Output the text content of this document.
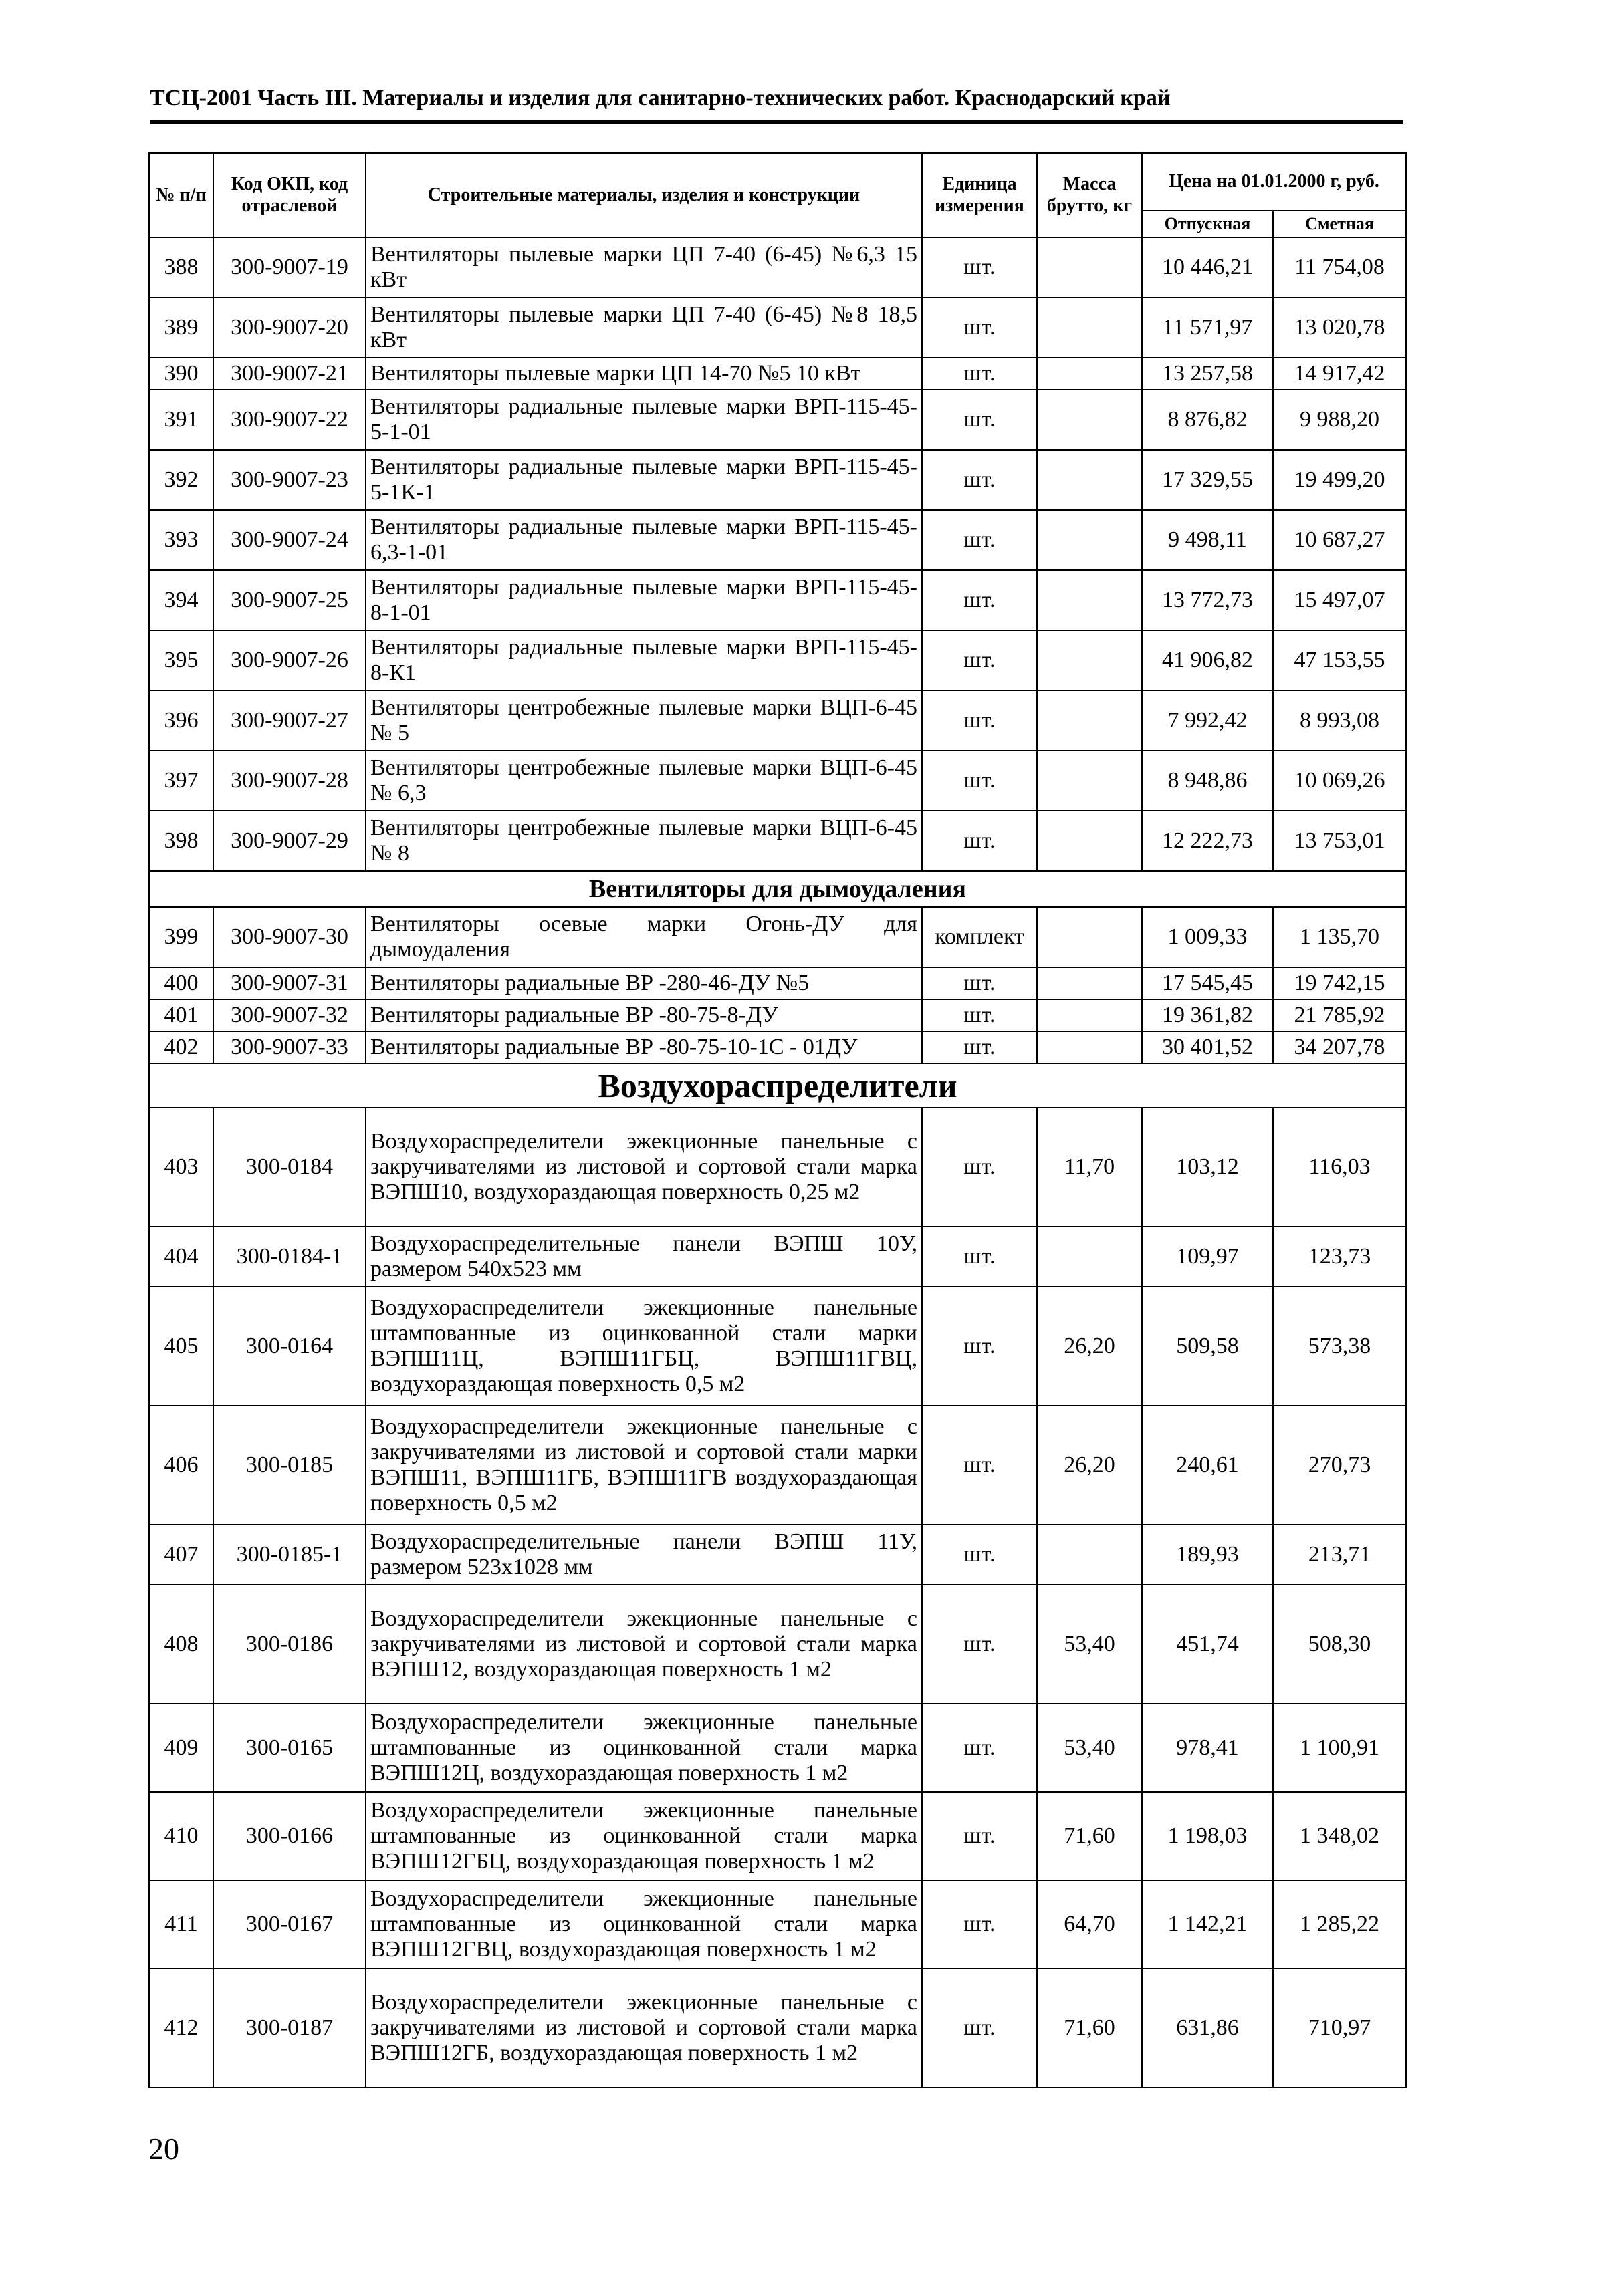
ТСЦ-2001 Часть III. Материалы и изделия для санитарно-технических работ. Краснодарский край
№ п/п	Код ОКП, код отраслевой	Строительные материалы, изделия и конструкции	Единица измерения	Масса брутто, кг	Цена на 01.01.2000 г, руб.	
					Отпускная	Сметная
388	300-9007-19	Вентиляторы пылевые марки ЦП 7-40 (6-45) №6,3 15 кВт	шт.		10 446,21	11 754,08
389	300-9007-20	Вентиляторы пылевые марки ЦП 7-40 (6-45) №8 18,5 кВт	шт.		11 571,97	13 020,78
390	300-9007-21	Вентиляторы пылевые марки ЦП 14-70 №5 10 кВт	шт.		13 257,58	14 917,42
391	300-9007-22	Вентиляторы радиальные пылевые марки ВРП-115-45-5-1-01	шт.		8 876,82	9 988,20
392	300-9007-23	Вентиляторы радиальные пылевые марки ВРП-115-45-5-1К-1	шт.		17 329,55	19 499,20
393	300-9007-24	Вентиляторы радиальные пылевые марки ВРП-115-45-6,3-1-01	шт.		9 498,11	10 687,27
394	300-9007-25	Вентиляторы радиальные пылевые марки ВРП-115-45-8-1-01	шт.		13 772,73	15 497,07
395	300-9007-26	Вентиляторы радиальные пылевые марки ВРП-115-45-8-К1	шт.		41 906,82	47 153,55
396	300-9007-27	Вентиляторы центробежные пылевые марки ВЦП-6-45 № 5	шт.		7 992,42	8 993,08
397	300-9007-28	Вентиляторы центробежные пылевые марки ВЦП-6-45 № 6,3	шт.		8 948,86	10 069,26
398	300-9007-29	Вентиляторы центробежные пылевые марки ВЦП-6-45 № 8	шт.		12 222,73	13 753,01
Вентиляторы для дымоудаления						
399	300-9007-30	Вентиляторы осевые марки Огонь-ДУ для дымоудаления	комплект		1 009,33	1 135,70
400	300-9007-31	Вентиляторы радиальные ВР -280-46-ДУ №5	шт.		17 545,45	19 742,15
401	300-9007-32	Вентиляторы радиальные ВР -80-75-8-ДУ	шт.		19 361,82	21 785,92
402	300-9007-33	Вентиляторы радиальные ВР -80-75-10-1С - 01ДУ	шт.		30 401,52	34 207,78
Воздухораспределители						
403	300-0184	Воздухораспределители эжекционные панельные с закручивателями из листовой и сортовой стали марка ВЭПШ10, воздухораздающая поверхность 0,25 м2	шт.	11,70	103,12	116,03
404	300-0184-1	Воздухораспределительные панели ВЭПШ 10У, размером 540х523 мм	шт.		109,97	123,73
405	300-0164	Воздухораспределители эжекционные панельные штампованные из оцинкованной стали марки ВЭПШ11Ц, ВЭПШ11ГБЦ, ВЭПШ11ГВЦ, воздухораздающая поверхность 0,5 м2	шт.	26,20	509,58	573,38
406	300-0185	Воздухораспределители эжекционные панельные с закручивателями из листовой и сортовой стали марки ВЭПШ11, ВЭПШ11ГБ, ВЭПШ11ГВ воздухораздающая поверхность 0,5 м2	шт.	26,20	240,61	270,73
407	300-0185-1	Воздухораспределительные панели ВЭПШ 11У, размером 523х1028 мм	шт.		189,93	213,71
408	300-0186	Воздухораспределители эжекционные панельные с закручивателями из листовой и сортовой стали марка ВЭПШ12, воздухораздающая поверхность 1 м2	шт.	53,40	451,74	508,30
409	300-0165	Воздухораспределители эжекционные панельные штампованные из оцинкованной стали марка ВЭПШ12Ц, воздухораздающая поверхность 1 м2	шт.	53,40	978,41	1 100,91
410	300-0166	Воздухораспределители эжекционные панельные штампованные из оцинкованной стали марка ВЭПШ12ГБЦ, воздухораздающая поверхность 1 м2	шт.	71,60	1 198,03	1 348,02
411	300-0167	Воздухораспределители эжекционные панельные штампованные из оцинкованной стали марка ВЭПШ12ГВЦ, воздухораздающая поверхность 1 м2	шт.	64,70	1 142,21	1 285,22
412	300-0187	Воздухораспределители эжекционные панельные с закручивателями из листовой и сортовой стали марка ВЭПШ12ГБ, воздухораздающая поверхность 1 м2	шт.	71,60	631,86	710,97
20
